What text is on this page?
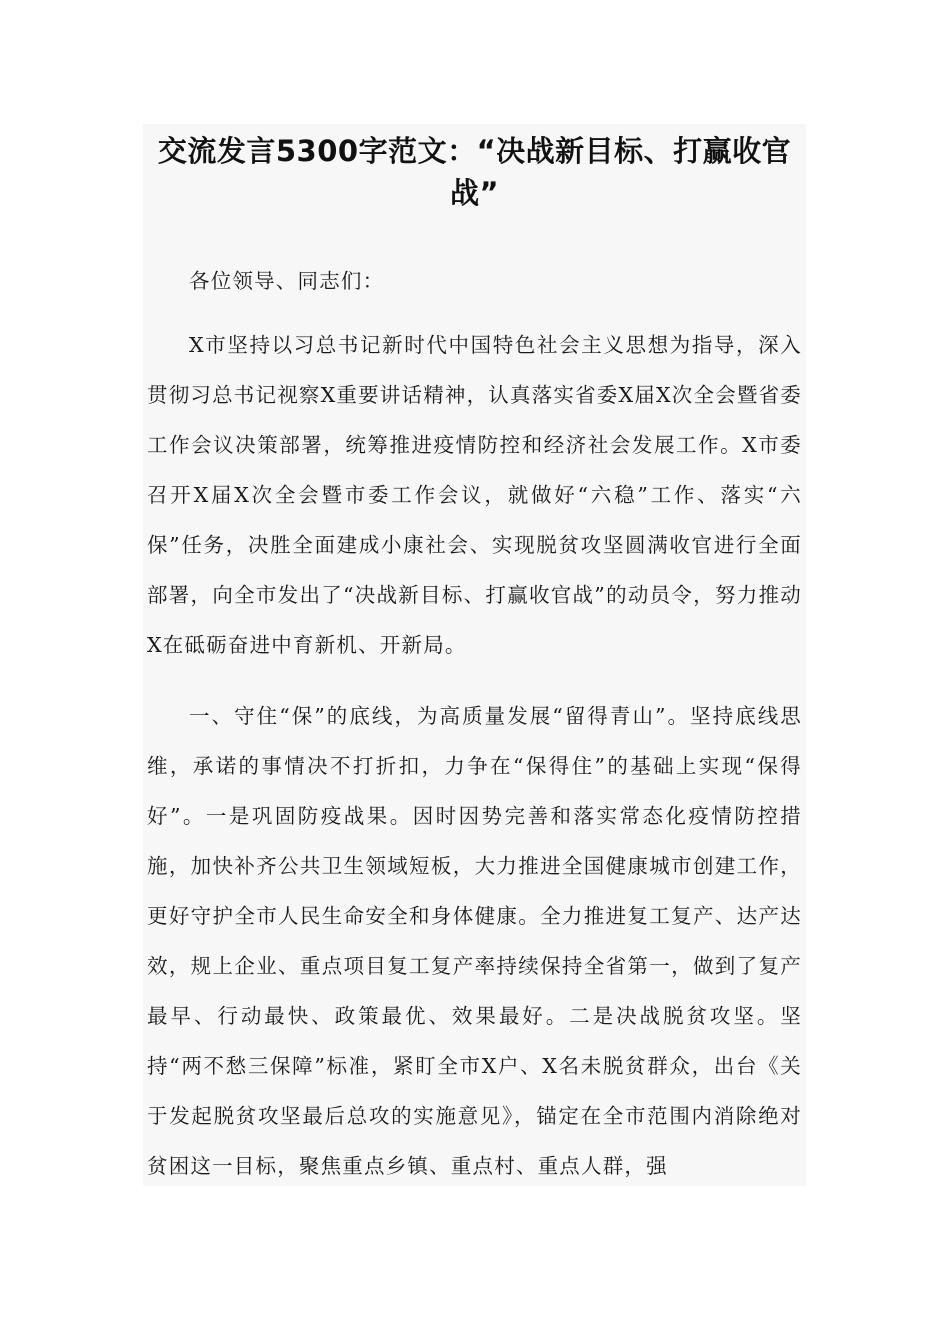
交流发言5300字范文：“决战新目标、打赢收官战”

各位领导、同志们：

X市坚持以习总书记新时代中国特色社会主义思想为指导，深入贯彻习总书记视察X重要讲话精神，认真落实省委X届X次全会暨省委工作会议决策部署，统筹推进疫情防控和经济社会发展工作。X市委召开X届X次全会暨市委工作会议，就做好“六稳”工作、落实“六保”任务，决胜全面建成小康社会、实现脱贫攻坚圆满收官进行全面部署，向全市发出了“决战新目标、打赢收官战”的动员令，努力推动X在砥砺奋进中育新机、开新局。

一、守住“保”的底线，为高质量发展“留得青山”。坚持底线思维，承诺的事情决不打折扣，力争在“保得住”的基础上实现“保得好”。一是巩固防疫战果。因时因势完善和落实常态化疫情防控措施，加快补齐公共卫生领域短板，大力推进全国健康城市创建工作，更好守护全市人民生命安全和身体健康。全力推进复工复产、达产达效，规上企业、重点项目复工复产率持续保持全省第一，做到了复产最早、行动最快、政策最优、效果最好。二是决战脱贫攻坚。坚持“两不愁三保障”标准，紧盯全市X户、X名未脱贫群众，出台《关于发起脱贫攻坚最后总攻的实施意见》，锚定在全市范围内消除绝对贫困这一目标，聚焦重点乡镇、重点村、重点人群，强
